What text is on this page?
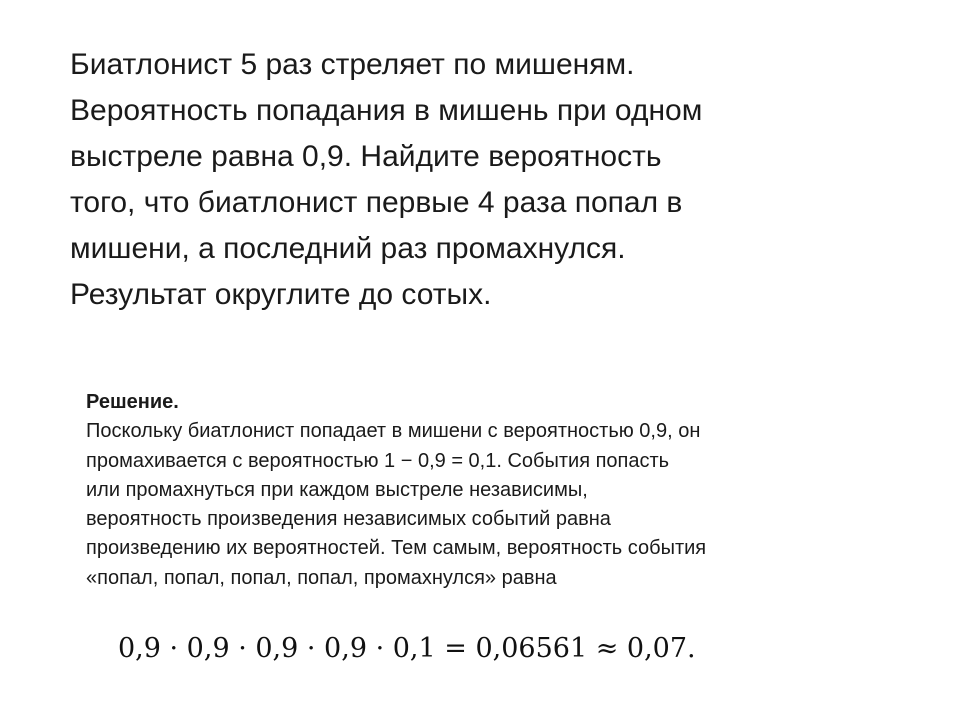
Биатлонист 5 раз стреляет по мишеням.
Вероятность попадания в мишень при одном
выстреле равна 0,9. Найдите вероятность
того, что биатлонист первые 4 раза попал в
мишени, а последний раз промахнулся.
Результат округлите до сотых.
Решение.
Поскольку биатлонист попадает в мишени с вероятностью 0,9, он
промахивается с вероятностью 1 − 0,9 = 0,1. События попасть
или промахнуться при каждом выстреле независимы,
вероятность произведения независимых событий равна
произведению их вероятностей. Тем самым, вероятность события
«попал, попал, попал, попал, промахнулся» равна
0,9 · 0,9 · 0,9 · 0,9 · 0,1 = 0,06561 ≈ 0,07.
